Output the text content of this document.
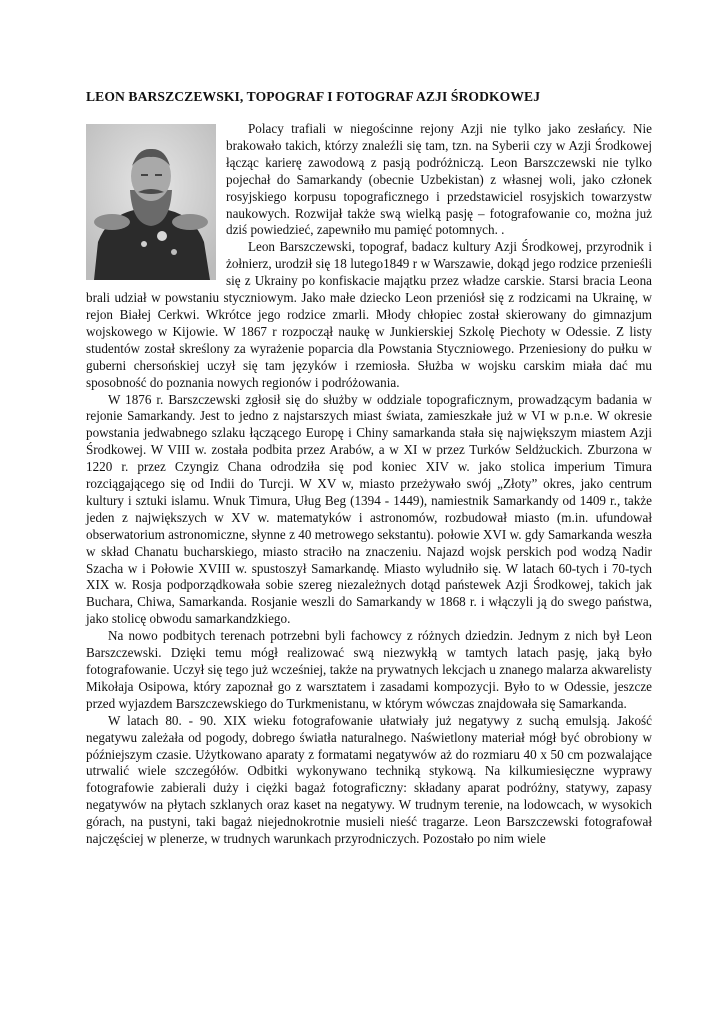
LEON BARSZCZEWSKI, TOPOGRAF I FOTOGRAF AZJI ŚRODKOWEJ

Polacy trafiali w niegościnne rejony Azji nie tylko jako zesłańcy. Nie brakowało takich, którzy znaleźli się tam, tzn. na Syberii czy w Azji Środkowej łącząc karierę zawodową z pasją podróżniczą. Leon Barszczewski nie tylko pojechał do Samarkandy (obecnie Uzbekistan) z własnej woli, jako członek rosyjskiego korpusu topograficznego i przedstawiciel rosyjskich towarzystw naukowych. Rozwijał także swą wielką pasję – fotografowanie co, można już dziś powiedzieć, zapewniło mu pamięć potomnych. .

Leon Barszczewski, topograf, badacz kultury Azji Środkowej, przyrodnik i żołnierz, urodził się 18 lutego1849 r w Warszawie, dokąd jego rodzice przenieśli się z Ukrainy po konfiskacie majątku przez władze carskie. Starsi bracia Leona brali udział w powstaniu styczniowym. Jako małe dziecko Leon przeniósł się z rodzicami na Ukrainę, w rejon Białej Cerkwi. Wkrótce jego rodzice zmarli. Młody chłopiec został skierowany do gimnazjum wojskowego w Kijowie. W 1867 r rozpoczął naukę w Junkierskiej Szkolę Piechoty w Odessie. Z listy studentów został skreślony za wyrażenie poparcia dla Powstania Styczniowego. Przeniesiony do pułku w guberni chersońskiej uczył się tam języków i rzemiosła. Służba w wojsku carskim miała dać mu sposobność do poznania nowych regionów i podróżowania.

W 1876 r. Barszczewski zgłosił się do służby w oddziale topograficznym, prowadzącym badania w rejonie Samarkandy. Jest to jedno z najstarszych miast świata, zamieszkałe już w VI w p.n.e. W okresie powstania jedwabnego szlaku łączącego Europę i Chiny samarkanda stała się największym miastem Azji Środkowej. W VIII w. została podbita przez Arabów, a w XI w przez Turków Seldżuckich. Zburzona w 1220 r. przez Czyngiz Chana odrodziła się pod koniec XIV w. jako stolica imperium Timura rozciągającego się od Indii do Turcji. W XV w, miasto przeżywało swój „Złoty” okres, jako centrum kultury i sztuki islamu. Wnuk Timura, Uług Beg (1394 - 1449), namiestnik Samarkandy od 1409 r., także jeden z największych w XV w. matematyków i astronomów, rozbudował miasto (m.in. ufundował obserwatorium astronomiczne, słynne z 40 metrowego sekstantu). połowie XVI w. gdy Samarkanda weszła w skład Chanatu bucharskiego, miasto straciło na znaczeniu. Najazd wojsk perskich pod wodzą Nadir Szacha w i Połowie XVIII w. spustoszył Samarkandę. Miasto wyludniło się. W latach 60-tych i 70-tych XIX w. Rosja podporządkowała sobie szereg niezależnych dotąd państewek Azji Środkowej, takich jak Buchara, Chiwa, Samarkanda. Rosjanie weszli do Samarkandy w 1868 r. i włączyli ją do swego państwa, jako stolicę obwodu samarkandzkiego.

Na nowo podbitych terenach potrzebni byli fachowcy z różnych dziedzin. Jednym z nich był Leon Barszczewski. Dzięki temu mógł realizować swą niezwykłą w tamtych latach pasję, jaką było fotografowanie. Uczył się tego już wcześniej, także na prywatnych lekcjach u znanego malarza akwarelisty Mikołaja Osipowa, który zapoznał go z warsztatem i zasadami kompozycji. Było to w Odessie, jeszcze przed wyjazdem Barszczewskiego do Turkmenistanu, w którym wówczas znajdowała się Samarkanda.

W latach 80. - 90. XIX wieku fotografowanie ułatwiały już negatywy z suchą emulsją. Jakość negatywu zależała od pogody, dobrego światła naturalnego. Naświetlony materiał mógł być obrobiony w późniejszym czasie. Użytkowano aparaty z formatami negatywów aż do rozmiaru 40 x 50 cm pozwalające utrwalić wiele szczegółów. Odbitki wykonywano techniką stykową. Na kilkumiesięczne wyprawy fotografowie zabierali duży i ciężki bagaż fotograficzny: składany aparat podróżny, statywy, zapasy negatywów na płytach szklanych oraz kaset na negatywy. W trudnym terenie, na lodowcach, w wysokich górach, na pustyni, taki bagaż niejednokrotnie musieli nieść tragarze. Leon Barszczewski fotografował najczęściej w plenerze, w trudnych warunkach przyrodniczych. Pozostało po nim wiele
